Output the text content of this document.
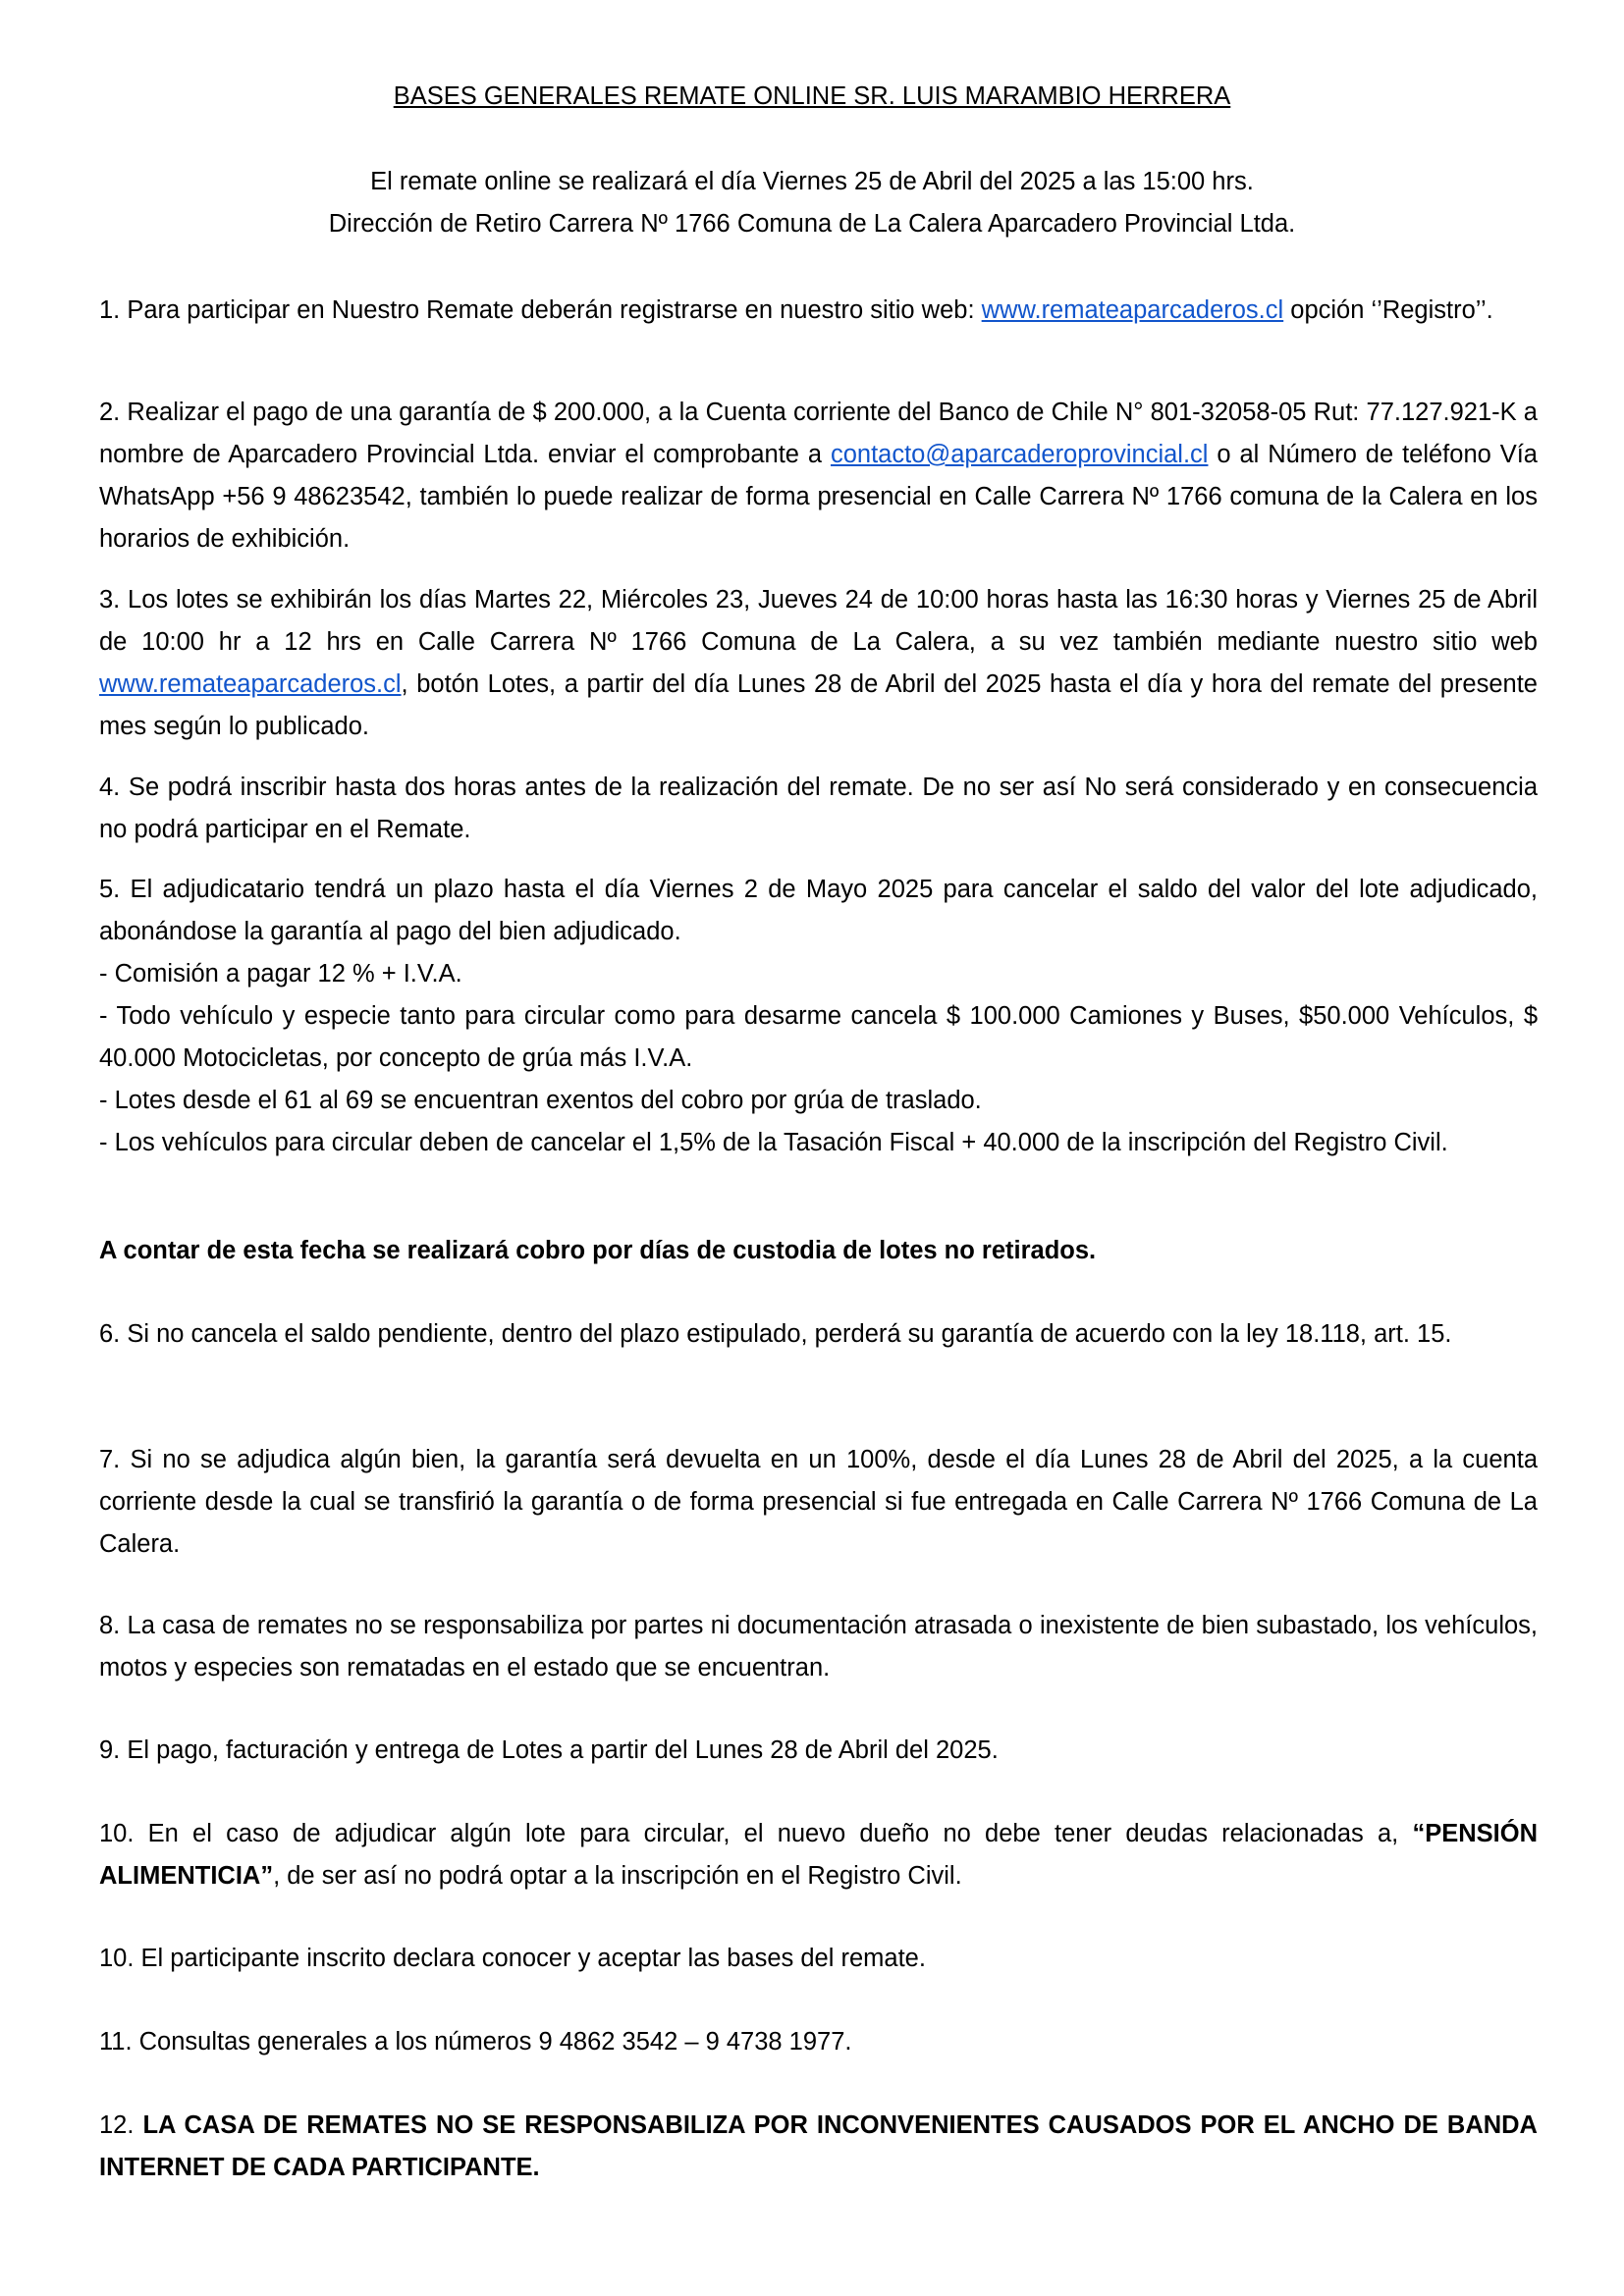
BASES GENERALES REMATE ONLINE SR. LUIS MARAMBIO HERRERA
El remate online se realizará el día Viernes 25 de Abril del 2025 a las 15:00 hrs.
Dirección de Retiro Carrera Nº 1766 Comuna de La Calera Aparcadero Provincial Ltda.

1. Para participar en Nuestro Remate deberán registrarse en nuestro sitio web: www.remateaparcaderos.cl opción ‘’Registro’’.

2. Realizar el pago de una garantía de $ 200.000, a la Cuenta corriente del Banco de Chile N° 801-32058-05 Rut: 77.127.921-K a nombre de Aparcadero Provincial Ltda. enviar el comprobante a contacto@aparcaderoprovincial.cl o al Número de teléfono Vía WhatsApp +56 9 48623542, también lo puede realizar de forma presencial en Calle Carrera Nº 1766 comuna de la Calera en los horarios de exhibición.

3. Los lotes se exhibirán los días Martes 22, Miércoles 23, Jueves 24 de 10:00 horas hasta las 16:30 horas y Viernes 25 de Abril de 10:00 hr a 12 hrs en Calle Carrera Nº 1766 Comuna de La Calera, a su vez también mediante nuestro sitio web www.remateaparcaderos.cl, botón Lotes, a partir del día Lunes 28 de Abril del 2025 hasta el día y hora del remate del presente mes según lo publicado.

4. Se podrá inscribir hasta dos horas antes de la realización del remate. De no ser así No será considerado y en consecuencia no podrá participar en el Remate.

5. El adjudicatario tendrá un plazo hasta el día Viernes 2 de Mayo 2025 para cancelar el saldo del valor del lote adjudicado, abonándose la garantía al pago del bien adjudicado.
- Comisión a pagar 12 % + I.V.A.
- Todo vehículo y especie tanto para circular como para desarme cancela $ 100.000 Camiones y Buses, $50.000 Vehículos, $ 40.000 Motocicletas, por concepto de grúa más I.V.A.
- Lotes desde el 61 al 69 se encuentran exentos del cobro por grúa de traslado.
- Los vehículos para circular deben de cancelar el 1,5% de la Tasación Fiscal + 40.000 de la inscripción del Registro Civil.

A contar de esta fecha se realizará cobro por días de custodia de lotes no retirados.

6. Si no cancela el saldo pendiente, dentro del plazo estipulado, perderá su garantía de acuerdo con la ley 18.118, art. 15.

7. Si no se adjudica algún bien, la garantía será devuelta en un 100%, desde el día Lunes 28 de Abril del 2025, a la cuenta corriente desde la cual se transfirió la garantía o de forma presencial si fue entregada en Calle Carrera Nº 1766 Comuna de La Calera.

8. La casa de remates no se responsabiliza por partes ni documentación atrasada o inexistente de bien subastado, los vehículos, motos y especies son rematadas en el estado que se encuentran.

9. El pago, facturación y entrega de Lotes a partir del Lunes 28 de Abril del 2025.

10. En el caso de adjudicar algún lote para circular, el nuevo dueño no debe tener deudas relacionadas a, “PENSIÓN ALIMENTICIA”, de ser así no podrá optar a la inscripción en el Registro Civil.

10. El participante inscrito declara conocer y aceptar las bases del remate.

11. Consultas generales a los números 9 4862 3542 – 9 4738 1977.

12. LA CASA DE REMATES NO SE RESPONSABILIZA POR INCONVENIENTES CAUSADOS POR EL ANCHO DE BANDA INTERNET DE CADA PARTICIPANTE.
